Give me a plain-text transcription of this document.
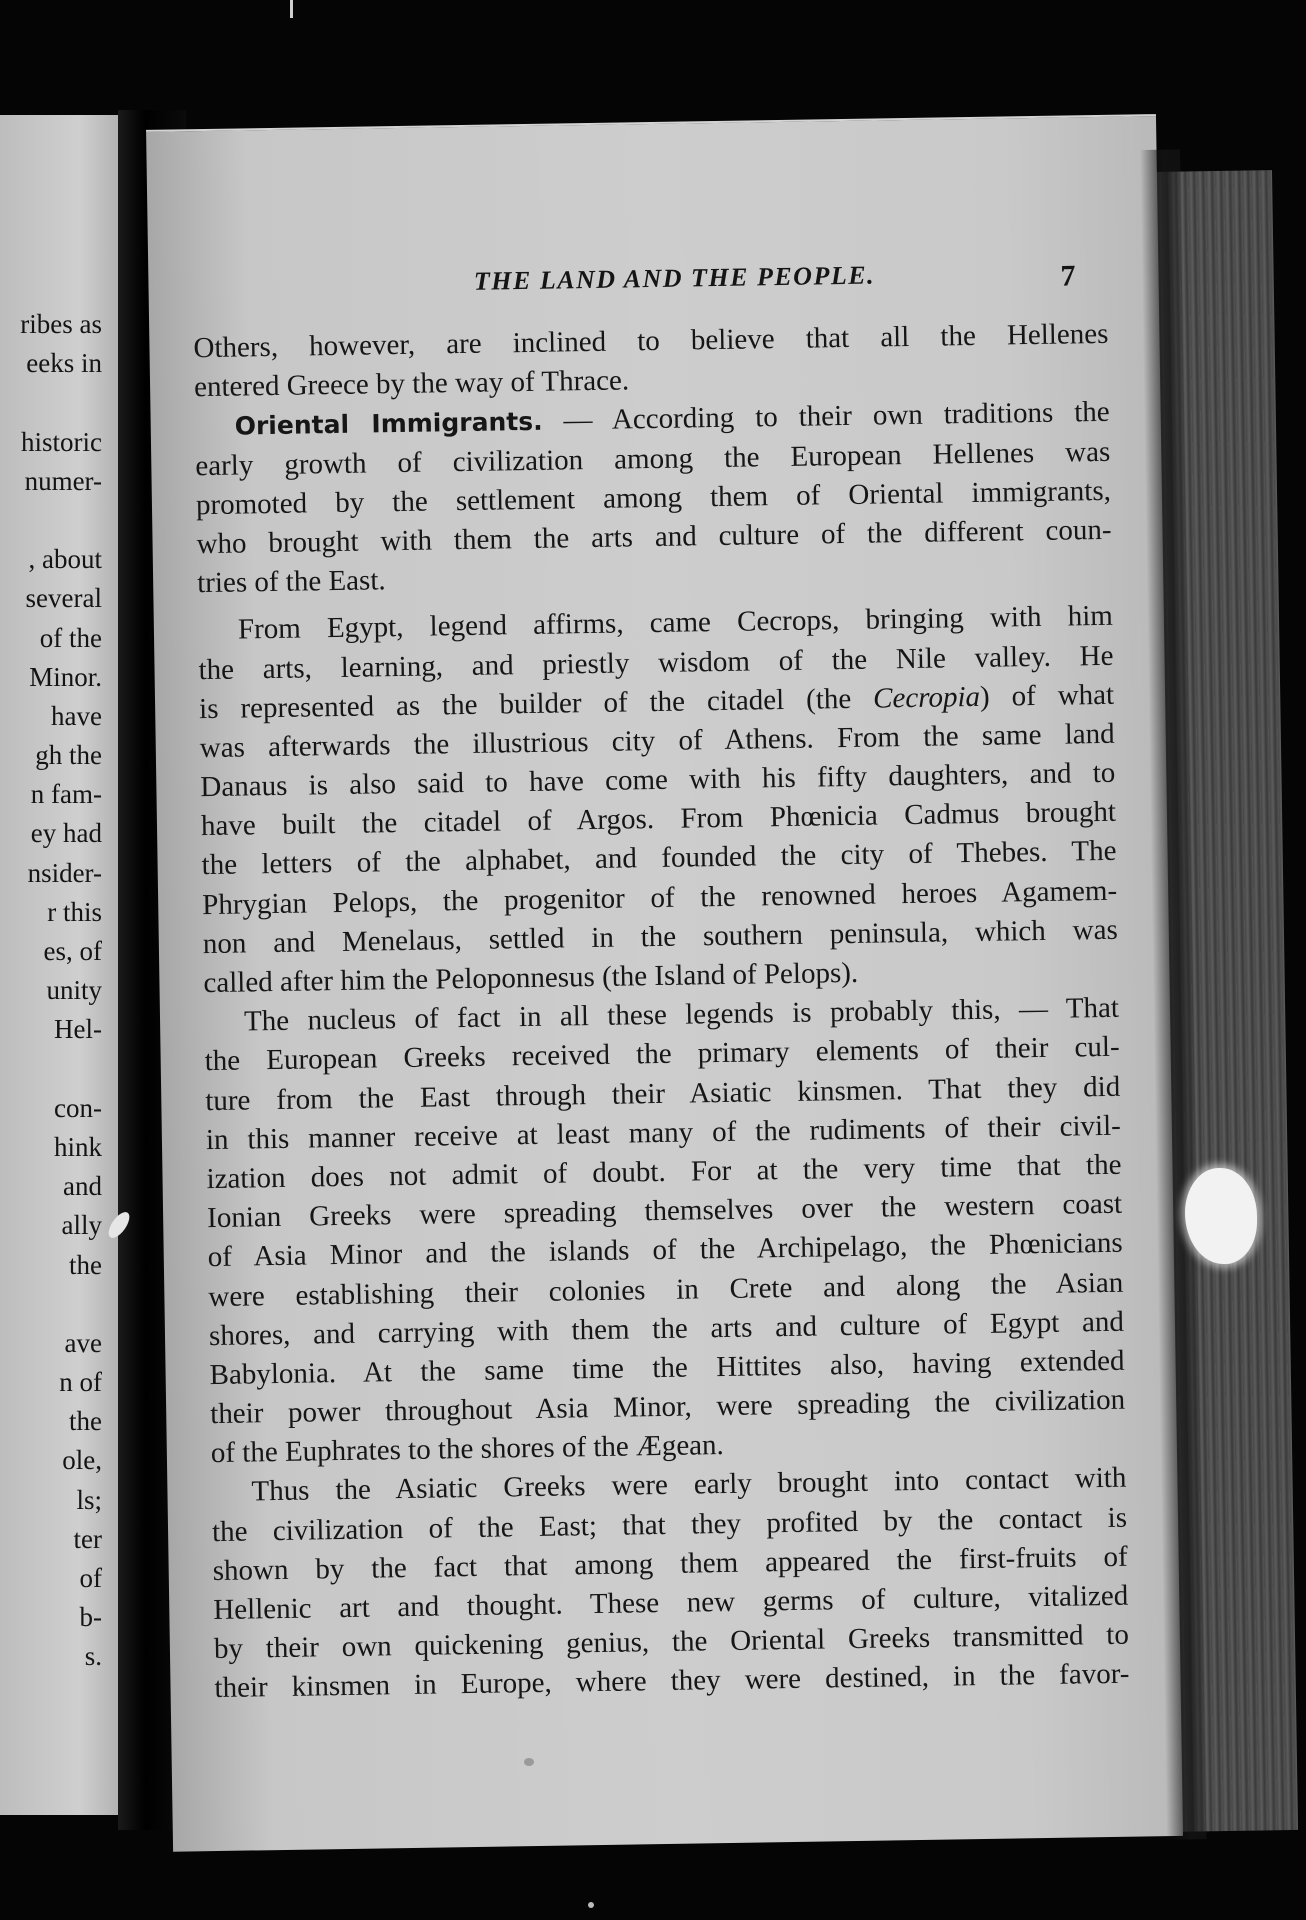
ribes as
eeks in
historic
numer-
, about
several
of the
Minor.
have
gh the
n fam-
ey had
nsider-
r this
es, of
unity
Hel-
con-
hink
and
ally
the
ave
n of
the
ole,
ls;
ter
of
b-
s.
THE LAND AND THE PEOPLE.	7
Others, however, are inclined to believe that all the Hellenes
entered Greece by the way of Thrace.
Oriental Immigrants. — According to their own traditions the
early growth of civilization among the European Hellenes was
promoted by the settlement among them of Oriental immigrants,
who brought with them the arts and culture of the different coun-
tries of the East.
From Egypt, legend affirms, came Cecrops, bringing with him
the arts, learning, and priestly wisdom of the Nile valley. He
is represented as the builder of the citadel (the Cecropia) of what
was afterwards the illustrious city of Athens. From the same land
Danaus is also said to have come with his fifty daughters, and to
have built the citadel of Argos. From Phœnicia Cadmus brought
the letters of the alphabet, and founded the city of Thebes. The
Phrygian Pelops, the progenitor of the renowned heroes Agamem-
non and Menelaus, settled in the southern peninsula, which was
called after him the Peloponnesus (the Island of Pelops).
The nucleus of fact in all these legends is probably this, — That
the European Greeks received the primary elements of their cul-
ture from the East through their Asiatic kinsmen. That they did
in this manner receive at least many of the rudiments of their civil-
ization does not admit of doubt. For at the very time that the
Ionian Greeks were spreading themselves over the western coast
of Asia Minor and the islands of the Archipelago, the Phœnicians
were establishing their colonies in Crete and along the Asian
shores, and carrying with them the arts and culture of Egypt and
Babylonia. At the same time the Hittites also, having extended
their power throughout Asia Minor, were spreading the civilization
of the Euphrates to the shores of the Ægean.
Thus the Asiatic Greeks were early brought into contact with
the civilization of the East; that they profited by the contact is
shown by the fact that among them appeared the first-fruits of
Hellenic art and thought. These new germs of culture, vitalized
by their own quickening genius, the Oriental Greeks transmitted to
their kinsmen in Europe, where they were destined, in the favor-
